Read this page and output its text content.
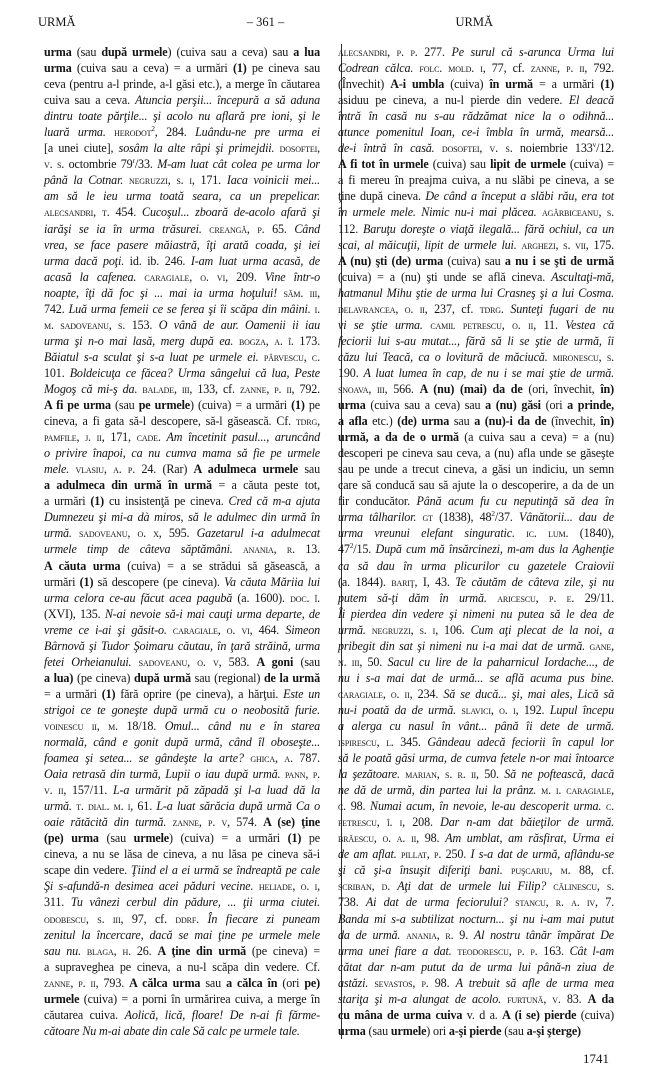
URMĂ	– 361 –	URMĂ
urma (sau după urmele) (cuiva sau a ceva) sau a lua
urma (cuiva sau a ceva) = a urmări (1) pe cineva sau
ceva (pentru a-l prinde, a-l găsi etc.), a merge în căutarea
cuiva sau a ceva. Atuncia perşii... începură a să aduna
dintru toate părţile... şi acolo nu aflară pre ioni, şi le
luară urma. herodot$^2$, 284. Luându-ne pre urma ei
[a unei ciute], sosâm la alte râpi şi primejdii. dosoftei,
v. s. octombrie 79$^r$/33. M-am luat cât colea pe urma lor
până la Cotnar. negruzzi, s. i, 171. Iaca voinicii mei...
am să le ieu urma toată seara, ca un prepelicar.
alecsandri, t. 454. Cucoşul... zboară de-acolo afară şi
iarăşi se ia în urma trăsurei. creangă, p. 65. Când
vrea, se face pasere măiastră, îţi arată coada, şi iei
urma dacă poţi. id. ib. 246. I-am luat urma acasă, de
acasă la cafenea. caragiale, o. vi, 209. Vine într-o
noapte, îţi dă foc şi ... mai ia urma hoţului! săm. iii,
742. Luă urma femeii ce se ferea şi îi scăpa din mâini. i.
m. sadoveanu, s. 153. O vână de aur. Oamenii ii iau
urma şi n-o mai lasă, merg după ea. bogza, a. î. 173.
Băiatul s-a sculat şi s-a luat pe urmele ei. pârvescu, c.
101. Boldeicuţa ce făcea? Urma sângelui că lua, Peste
Mogoş că mi-ş da. balade, iii, 133, cf. zanne, p. ii, 792.
A fi pe urma (sau pe urmele) (cuiva) = a urmări (1) pe
cineva, a fi gata să-l descopere, să-l găsească. Cf. tdrg,
pamfile, j. ii, 171, cade. Am încetinit pasul..., aruncând
o privire înapoi, ca nu cumva mama să fie pe urmele
mele. vlasiu, a. p. 24. (Rar) A adulmeca urmele sau
a adulmeca din urmă în urmă = a căuta peste tot,
a urmări (1) cu insistenţă pe cineva. Cred că m-a ajuta
Dumnezeu şi mi-a dà miros, să le adulmec din urmă în
urmă. sadoveanu, o. x, 595. Gazetarul i-a adulmecat
urmele timp de câteva săptămâni. anania, r. 13.
A căuta urma (cuiva) = a se strădui să găsească, a
urmări (1) să descopere (pe cineva). Va căuta Măriia lui
urma celora ce-au făcut acea pagubă (a. 1600). doc. î.
(XVI), 135. N-ai nevoie să-i mai cauţi urma departe, de
vreme ce i-ai şi găsit-o. caragiale, o. vi, 464. Simeon
Bârnovă şi Tudor Şoimaru căutau, în ţară străină, urma
fetei Orheianului. sadoveanu, o. v, 583. A goni (sau
a lua) (pe cineva) după urmă sau (regional) de la urmă
= a urmări (1) fără oprire (pe cineva), a hărţui. Este un
strigoi ce te goneşte după urmă cu o neobosită furie.
voinescu ii, m. 18/18. Omul... când nu e în starea
normală, când e gonit după urmă, când îl oboseşte...
foamea şi setea... se gândeşte la arte? ghica, a. 787.
Oaia retrasă din turmă, Lupii o iau după urmă. pann, p.
v. ii, 157/11. L-a urmărit pă zăpadă şi l-a luad dă la
urmă. t. dial. m. i, 61. L-a luat sărăcia după urmă Ca o
oaie rătăcită din turmă. zanne, p. v, 574. A (se) ţine
(pe) urma (sau urmele) (cuiva) = a urmări (1) pe
cineva, a nu se lăsa de cineva, a nu lăsa pe cineva să-i
scape din vedere. Ţiind el a ei urmă se îndreaptă pe cale
Şi s-afundă-n desimea acei păduri vecine. heliade, o. i,
311. Tu vânezi cerbul din pădure, ... ţii urma ciutei.
odobescu, s. iii, 97, cf. ddrf. În fiecare zi puneam
zenitul la încercare, dacă se mai ţine pe urmele mele
sau nu. blaga, h. 26. A ţine din urmă (pe cineva) =
a supraveghea pe cineva, a nu-l scăpa din vedere. Cf.
zanne, p. ii, 793. A călca urma sau a călca în (ori pe)
urmele (cuiva) = a porni în urmărirea cuiva, a merge în
căutarea cuiva. Aolică, lică, floare! De n-ai fi fărme-
cătoare Nu m-ai abate din cale Să calc pe urmele tale.
alecsandri, p. p. 277. Pe surul că s-arunca Urma lui
Codrean călca. folc. mold. i, 77, cf. zanne, p. ii, 792.
(Învechit) A-i umbla (cuiva) în urmă = a urmări (1)
asiduu pe cineva, a nu-l pierde din vedere. El deacă
întră în casă nu s-au rădzămat nice la o odihnă...
atunce pomenitul Ioan, ce-i îmbla în urmă, mearsă...
de-i întră în casă. dosoftei, v. s. noiembrie 133$^v$/12.
A fi tot în urmele (cuiva) sau lipit de urmele (cuiva) =
a fi mereu în preajma cuiva, a nu slăbi pe cineva, a se
ţine după cineva. De când a început a slăbi rău, era tot
în urmele mele. Nimic nu-i mai plăcea. agârbiceanu, s.
112. Baruţu doreşte o viaţă ilegală... fără ochiul, ca un
scai, al măicuţii, lipit de urmele lui. arghezi, s. vii, 175.
A (nu) şti (de) urma (cuiva) sau a nu i se şti de urmă
(cuiva) = a (nu) şti unde se află cineva. Ascultaţi-mă,
hatmanul Mihu ştie de urma lui Crasneş şi a lui Cosma.
delavrancea, o. ii, 237, cf. tdrg. Sunteţi fugari de nu
vi se ştie urma. camil petrescu, o. ii, 11. Vestea că
feciorii lui s-au mutat..., fără să li se ştie de urmă, îi
căzu lui Teacă, ca o lovitură de măciucă. mironescu, s.
190. A luat lumea în cap, de nu i se mai ştie de urmă.
snoava, iii, 566. A (nu) (mai) da de (ori, învechit, în)
urma (cuiva sau a ceva) sau a (nu) găsi (ori a prinde,
a afla etc.) (de) urma sau a (nu)-i da de (învechit, în)
urmă, a da de o urmă (a cuiva sau a ceva) = a (nu)
descoperi pe cineva sau ceva, a (nu) afla unde se găseşte
sau pe unde a trecut cineva, a găsi un indiciu, un semn
care să conducă sau să ajute la o descoperire, a da de un
fir conducător. Până acum fu cu neputinţă să dea în
urma tâlharilor. gt (1838), $48^2/37$. Vânătorii... dau de
urma vreunui elefant singuratic. ic. lum. (1840),
$47^2/15$. După cum mă însărcinezi, m-am dus la Aghenţie
ca să dau în urma plicurilor cu gazetele Craiovii
(a. 1844). bariţ, I, 43. Te căutăm de câteva zile, şi nu
putem să-ţi dăm în urmă. aricescu, p. e. 29/11.
Îi pierdea din vedere şi nimeni nu putea să le dea de
urmă. negruzzi, s. i, 106. Cum aţi plecat de la noi, a
pribegit din sat şi nimeni nu i-a mai dat de urmă. gane,
n. iii, 50. Sacul cu lire de la paharnicul Iordache..., de
nu i s-a mai dat de urmă... se află acuma pus bine.
caragiale, o. ii, 234. Să se ducă... şi, mai ales, Lică să
nu-i poată da de urmă. slavici, o. i, 192. Lupul începu
a alerga cu nasul în vânt... până îi dete de urmă.
ispirescu, l. 345. Gândeau adecă feciorii în capul lor
să le poată găsi urma, de cumva fetele n-or mai întoarce
la şezătoare. marian, s. r. ii, 50. Să ne poftească, dacă
ne dă de urmă, din partea lui la prânz. m. i. caragiale,
c. 98. Numai acum, în nevoie, le-au descoperit urma. c.
petrescu, î. i, 208. Dar n-am dat băieţilor de urmă.
brăescu, o. a. ii, 98. Am umblat, am răsfirat, Urma ei
de am aflat. pillat, p. 250. I s-a dat de urmă, aflându-se
şi că şi-a însuşit diferiţi bani. puşcariu, m. 88, cf.
scriban, d. Aţi dat de urmele lui Filip? călinescu, s.
738. Ai dat de urma feciorului? stancu, r. a. iv, 7.
Banda mi s-a subtilizat nocturn... şi nu i-am mai putut
da de urmă. anania, r. 9. Al nostru tânăr împărat De
urma unei fiare a dat. teodorescu, p. p. 163. Cât l-am
cătat dar n-am putut da de urma lui până-n ziua de
astăzi. sevastos, p. 98. A trebuit să afle de urma mea
stariţa şi m-a alungat de acolo. furtună, v. 83. A da
cu mâna de urma cuiva v. d a. A (i se) pierde (cuiva)
urma (sau urmele) ori a-şi pierde (sau a-şi şterge)
1741
